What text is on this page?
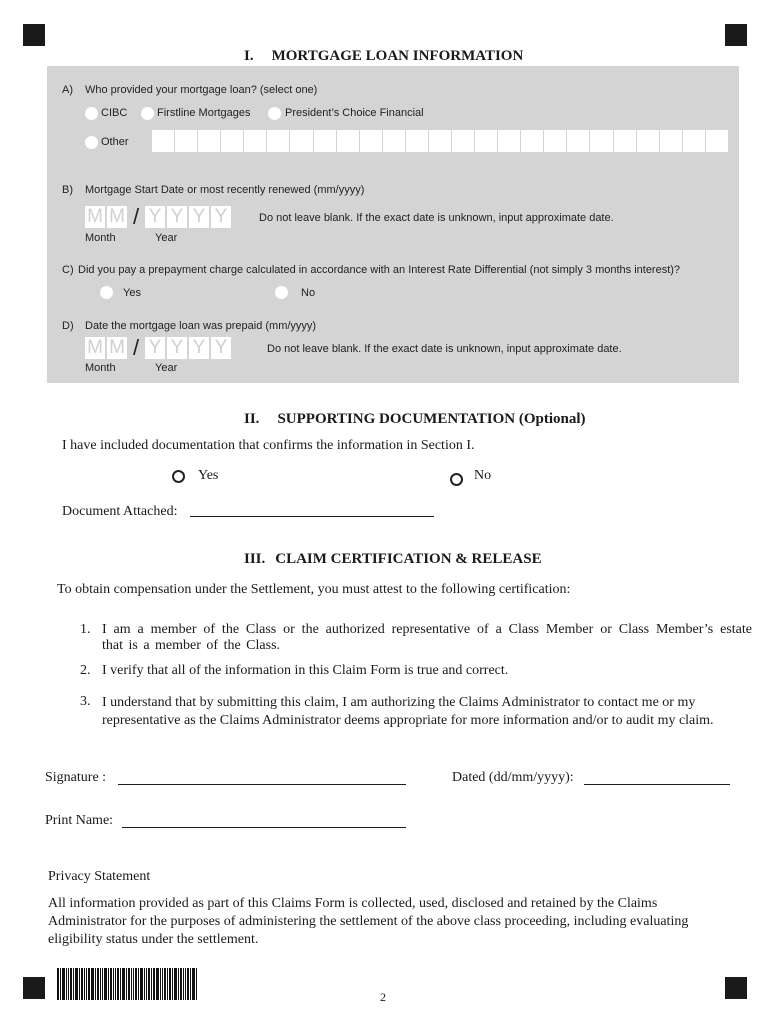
I. MORTGAGE LOAN INFORMATION
A) Who provided your mortgage loan? (select one)
CIBC	Firstline Mortgages	President’s Choice Financial
Other
B) Mortgage Start Date or most recently renewed (mm/yyyy)
M M / Y Y Y Y	Do not leave blank. If the exact date is unknown, input approximate date.
Month	Year
C) Did you pay a prepayment charge calculated in accordance with an Interest Rate Differential (not simply 3 months interest)?
Yes	No
D) Date the mortgage loan was prepaid (mm/yyyy)
M M / Y Y Y Y	Do not leave blank. If the exact date is unknown, input approximate date.
Month	Year
II. SUPPORTING DOCUMENTATION (Optional)
I have included documentation that confirms the information in Section I.
Yes	No
Document Attached:
III. CLAIM CERTIFICATION & RELEASE
To obtain compensation under the Settlement, you must attest to the following certification:
1. I am a member of the Class or the authorized representative of a Class Member or Class Member’s estate that is a member of the Class.
2. I verify that all of the information in this Claim Form is true and correct.
3. I understand that by submitting this claim, I am authorizing the Claims Administrator to contact me or my representative as the Claims Administrator deems appropriate for more information and/or to audit my claim.
Signature :	Dated (dd/mm/yyyy):
Print Name:
Privacy Statement
All information provided as part of this Claims Form is collected, used, disclosed and retained by the Claims Administrator for the purposes of administering the settlement of the above class proceeding, including evaluating eligibility status under the settlement.
2
